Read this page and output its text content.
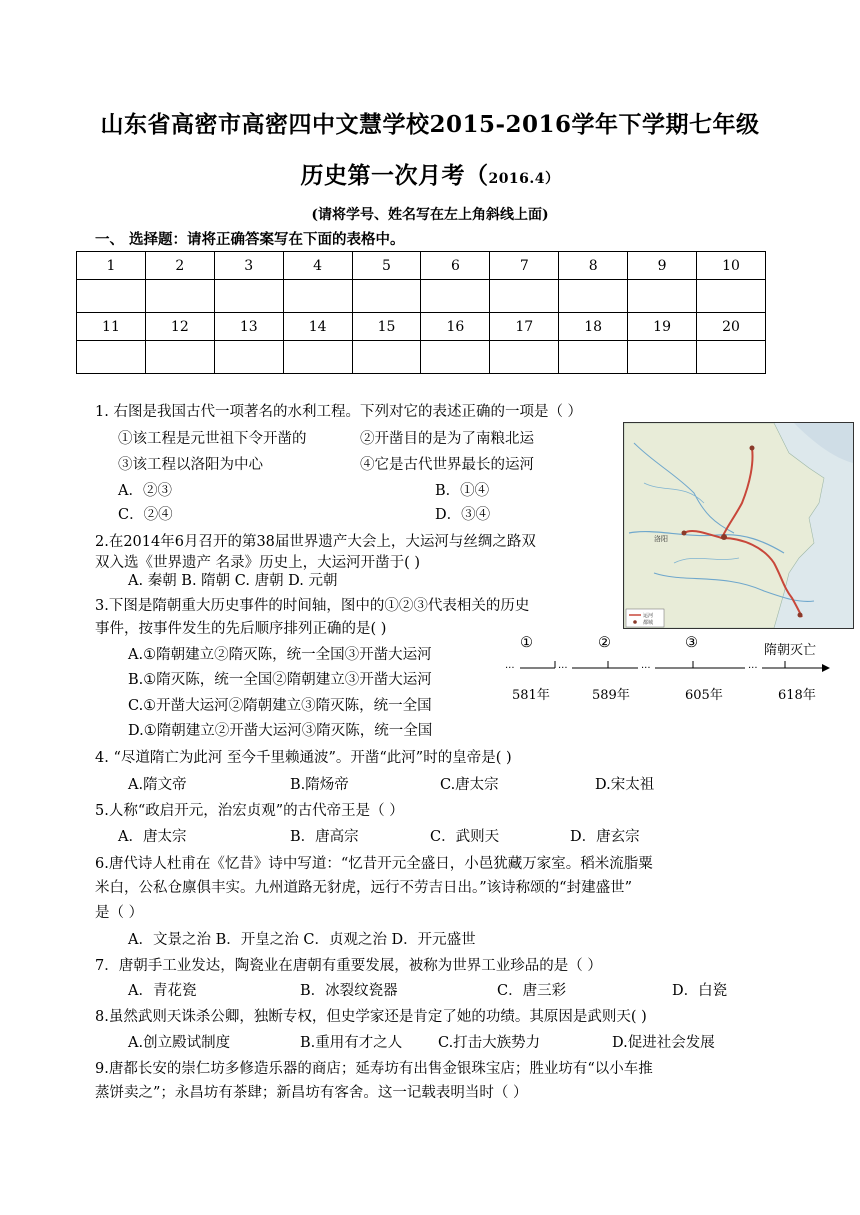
山东省高密市高密四中文慧学校2015-2016学年下学期七年级
历史第一次月考（2016.4）
(请将学号、姓名写在左上角斜线上面)
一、 选择题：请将正确答案写在下面的表格中。
1	2	3	4	5	6	7	8	9	10

11	12	13	14	15	16	17	18	19	20

1. 右图是我国古代一项著名的水利工程。下列对它的表述正确的一项是（ ）
①该工程是元世祖下令开凿的	②开凿目的是为了南粮北运
③该工程以洛阳为中心	④它是古代世界最长的运河
A．②③	B．①④
C．②④	D．③④
洛阳
运河
都城
2.在2014年6月召开的第38届世界遗产大会上，大运河与丝绸之路双
双入选《世界遗产 名录》历史上，大运河开凿于( )
A. 秦朝 B. 隋朝 C. 唐朝 D. 元朝
3.下图是隋朝重大历史事件的时间轴，图中的①②③代表相关的历史
事件，按事件发生的先后顺序排列正确的是( )
A.①隋朝建立②隋灭陈，统一全国③开凿大运河
B.①隋灭陈，统一全国②隋朝建立③开凿大运河
C.①开凿大运河②隋朝建立③隋灭陈，统一全国
D.①隋朝建立②开凿大运河③隋灭陈，统一全国
···	···	···	···
①	②	③	隋朝灭亡
581年	589年	605年	618年
4. “尽道隋亡为此河 至今千里赖通波”。开凿“此河”时的皇帝是( )
A.隋文帝	B.隋炀帝	C.唐太宗	D.宋太祖
5.人称“政启开元，治宏贞观”的古代帝王是（ ）
A．唐太宗	B．唐高宗	C．武则天	D．唐玄宗
6.唐代诗人杜甫在《忆昔》诗中写道：“忆昔开元全盛日，小邑犹藏万家室。稻米流脂粟
米白，公私仓廪俱丰实。九州道路无豺虎，远行不劳吉日出。”该诗称颂的“封建盛世”
是（ ）
A．文景之治 B．开皇之治 C．贞观之治 D．开元盛世
7．唐朝手工业发达，陶瓷业在唐朝有重要发展，被称为世界工业珍品的是（ ）
A．青花瓷	B．冰裂纹瓷器	C．唐三彩	D．白瓷
8.虽然武则天诛杀公卿，独断专权，但史学家还是肯定了她的功绩。其原因是武则天( )
A.创立殿试制度	B.重用有才之人 C.打击大族势力	D.促进社会发展
9.唐都长安的崇仁坊多修造乐器的商店；延寿坊有出售金银珠宝店；胜业坊有“以小车推
蒸饼卖之”；永昌坊有茶肆；新昌坊有客舍。这一记载表明当时（ ）
